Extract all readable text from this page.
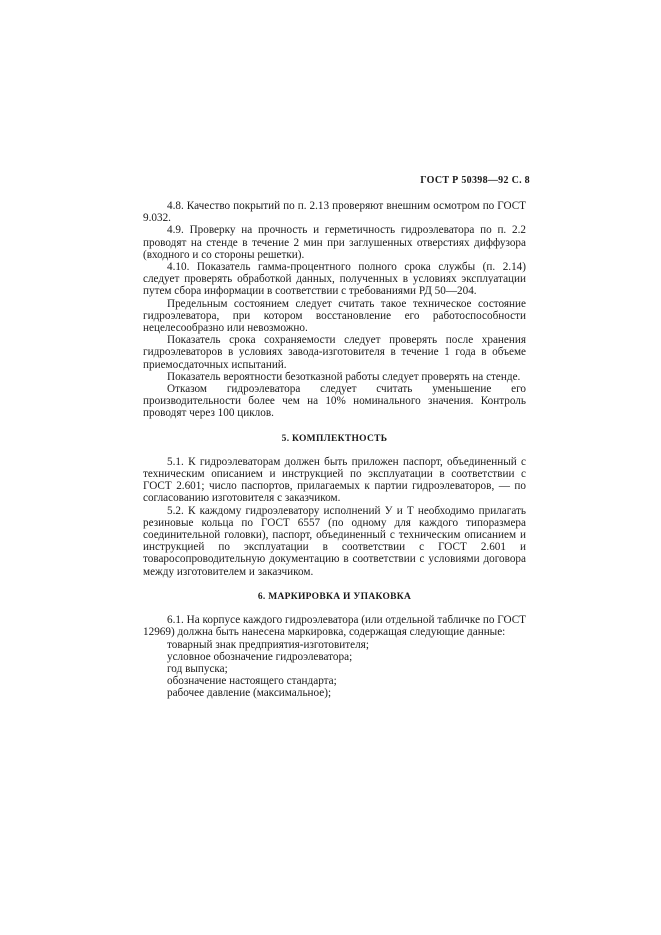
ГОСТ Р 50398—92 С. 8

4.8. Качество покрытий по п. 2.13 проверяют внешним осмотром по ГОСТ 9.032.

4.9. Проверку на прочность и герметичность гидроэлеватора по п. 2.2 проводят на стенде в течение 2 мин при заглушенных отверстиях диффузора (входного и со стороны решетки).

4.10. Показатель гамма-процентного полного срока службы (п. 2.14) следует проверять обработкой данных, полученных в условиях эксплуатации путем сбора информации в соответствии с требованиями РД 50—204.

Предельным состоянием следует считать такое техническое состояние гидроэлеватора, при котором восстановление его работоспособности нецелесообразно или невозможно.

Показатель срока сохраняемости следует проверять после хранения гидроэлеваторов в условиях завода-изготовителя в течение 1 года в объеме приемосдаточных испытаний.

Показатель вероятности безотказной работы следует проверять на стенде.

Отказом гидроэлеватора следует считать уменьшение его производительности более чем на 10% номинального значения. Контроль проводят через 100 циклов.

5. КОМПЛЕКТНОСТЬ

5.1. К гидроэлеваторам должен быть приложен паспорт, объединенный с техническим описанием и инструкцией по эксплуатации в соответствии с ГОСТ 2.601; число паспортов, прилагаемых к партии гидроэлеваторов, — по согласованию изготовителя с заказчиком.

5.2. К каждому гидроэлеватору исполнений У и Т необходимо прилагать резиновые кольца по ГОСТ 6557 (по одному для каждого типоразмера соединительной головки), паспорт, объединенный с техническим описанием и инструкцией по эксплуатации в соответствии с ГОСТ 2.601 и товаросопроводительную документацию в соответствии с условиями договора между изготовителем и заказчиком.

6. МАРКИРОВКА И УПАКОВКА

6.1. На корпусе каждого гидроэлеватора (или отдельной табличке по ГОСТ 12969) должна быть нанесена маркировка, содержащая следующие данные:

товарный знак предприятия-изготовителя;
условное обозначение гидроэлеватора;
год выпуска;
обозначение настоящего стандарта;
рабочее давление (максимальное);
